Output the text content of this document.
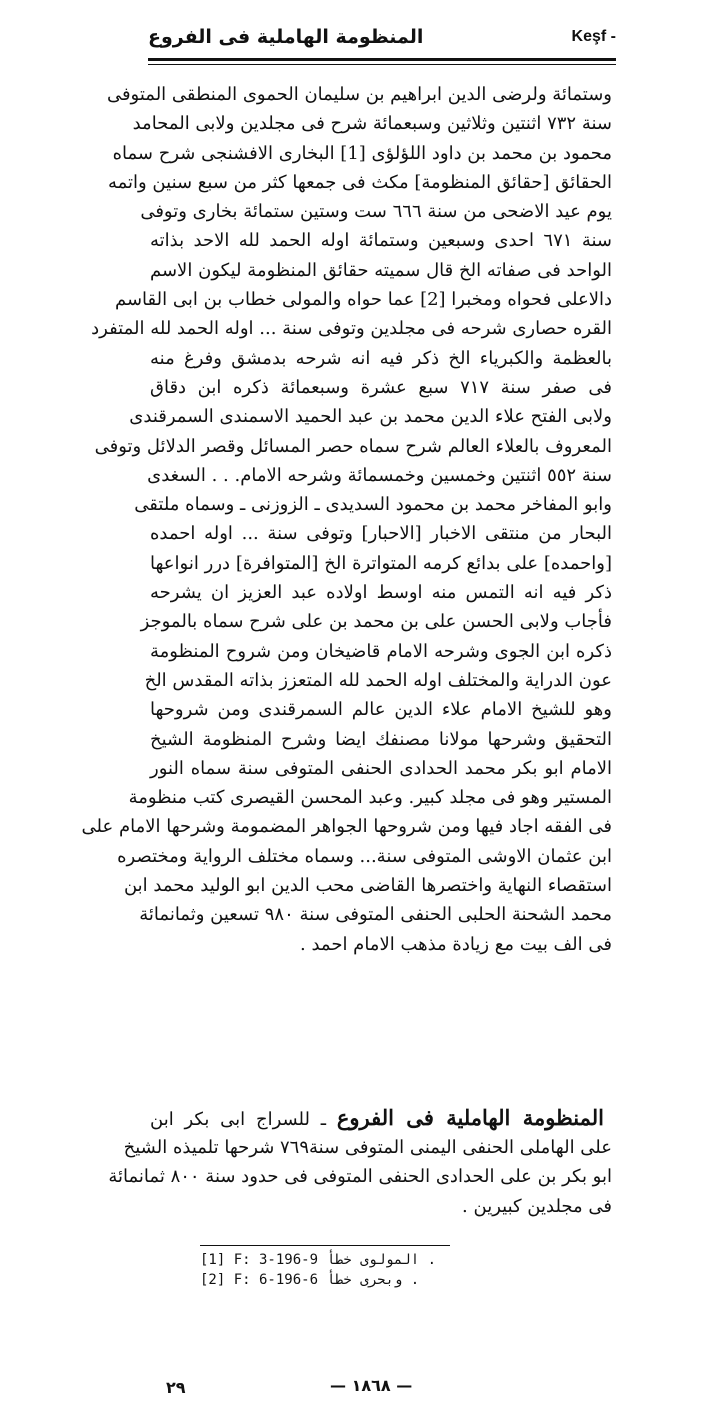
المنظومة الهاملية فى الفروع	Keşf -
وستمائة ولرضى الدين ابراهيم بن سليمان الحموى المنطقى المتوفى
سنة ٧٣٢ اثنتين وثلاثين وسبعمائة شرح فى مجلدين ولابى المحامد
محمود بن محمد بن داود اللؤلؤى [1] البخارى الافشنجى شرح سماه
الحقائق [حقائق المنظومة] مكث فى جمعها كثر من سبع سنين واتمه
يوم عيد الاضحى من سنة ٦٦٦ ست وستين ستمائة بخارى وتوفى
سنة ٦٧١ احدى وسبعين وستمائة اوله الحمد لله الاحد بذاته
الواحد فى صفاته الخ قال سميته حقائق المنظومة ليكون الاسم
دالاعلى فحواه ومخبرا [2] عما حواه والمولى خطاب بن ابى القاسم
القره حصارى شرحه فى مجلدين وتوفى سنة ... اوله الحمد لله المتفرد
بالعظمة والكبرياء الخ ذكر فيه انه شرحه بدمشق وفرغ منه
فى صفر سنة ٧١٧ سبع عشرة وسبعمائة ذكره ابن دقاق
ولابى الفتح علاء الدين محمد بن عبد الحميد الاسمندى السمرقندى
المعروف بالعلاء العالم شرح سماه حصر المسائل وقصر الدلائل وتوفى
سنة ٥٥٢ اثنتين وخمسين وخمسمائة وشرحه الامام. . . السغدى
وابو المفاخر محمد بن محمود السديدى ـ الزوزنى ـ وسماه ملتقى
البحار من منتقى الاخبار [الاحبار] وتوفى سنة ... اوله احمده
[واحمده] على بدائع كرمه المتواترة الخ [المتوافرة] درر انواعها
ذكر فيه انه التمس منه اوسط اولاده عبد العزيز ان يشرحه
فأجاب ولابى الحسن على بن محمد بن على شرح سماه بالموجز
ذكره ابن الجوى وشرحه الامام قاضيخان ومن شروح المنظومة
عون الدراية والمختلف اوله الحمد لله المتعزز بذاته المقدس الخ
وهو للشيخ الامام علاء الدين عالم السمرقندى ومن شروحها
التحقيق وشرحها مولانا مصنفك ايضا وشرح المنظومة الشيخ
الامام ابو بكر محمد الحدادى الحنفى المتوفى سنة سماه النور
المستير وهو فى مجلد كبير. وعبد المحسن القيصرى كتب منظومة
فى الفقه اجاد فيها ومن شروحها الجواهر المضمومة وشرحها الامام على
ابن عثمان الاوشى المتوفى سنة... وسماه مختلف الرواية ومختصره
استقصاء النهاية واختصرها القاضى محب الدين ابو الوليد محمد ابن
محمد الشحنة الحلبى الحنفى المتوفى سنة ٩٨٠ تسعين وثمانمائة
فى الف بيت مع زيادة مذهب الامام احمد .
المنظومة الهاملية فى الفروع ـ للسراج ابى بكر ابن
على الهاملى الحنفى اليمنى المتوفى سنة٧٦٩ شرحها تلميذه الشيخ
ابو بكر بن على الحدادى الحنفى المتوفى فى حدود سنة ٨٠٠ ثمانمائة
فى مجلدين كبيرين .
[1] F: 3-196-9 المولوى خطأ .
[2] F: 6-196-6 وبحرى خطأ .
٢٩	— ١٨٦٨ —
